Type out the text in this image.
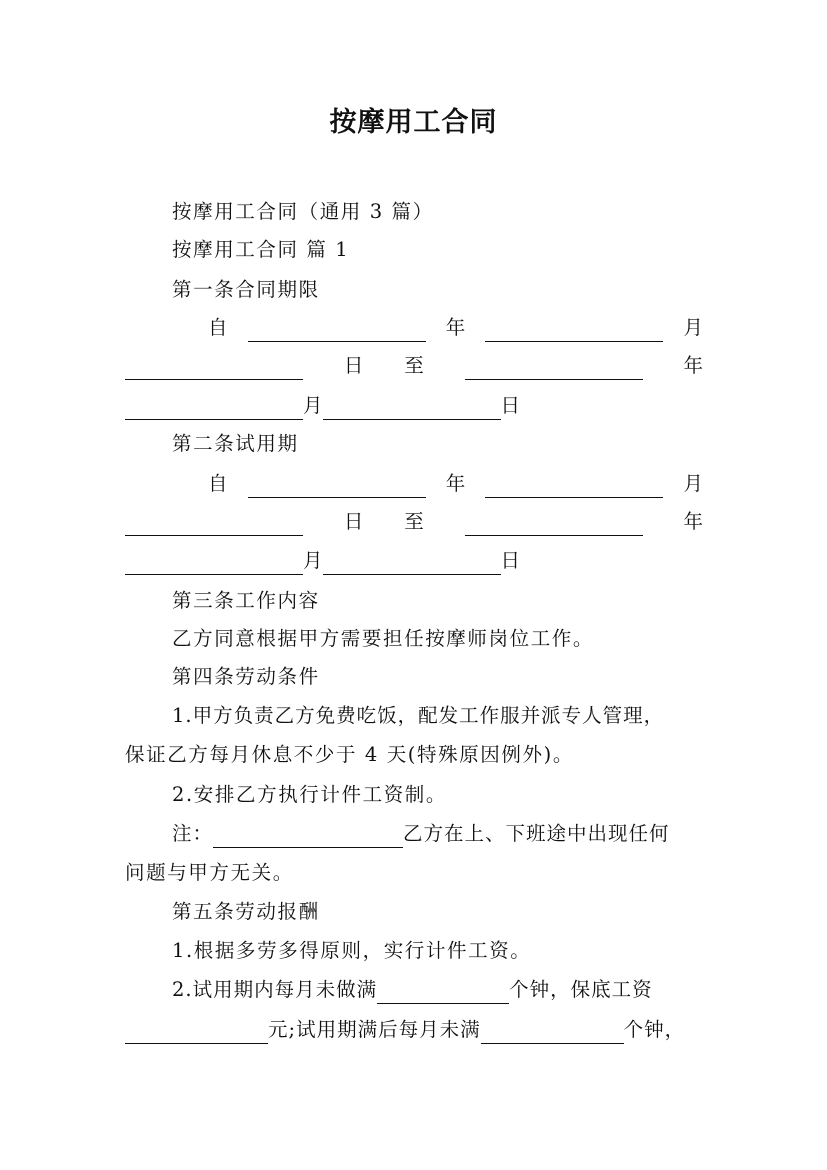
按摩用工合同
按摩用工合同（通用 3 篇）
按摩用工合同 篇 1
第一条合同期限
自	年	月
日 至	年
月	日
第二条试用期
自	年	月
日 至	年
月	日
第三条工作内容
乙方同意根据甲方需要担任按摩师岗位工作。
第四条劳动条件
1.甲方负责乙方免费吃饭，配发工作服并派专人管理，
保证乙方每月休息不少于 4 天(特殊原因例外)。
2.安排乙方执行计件工资制。
注：	乙方在上、下班途中出现任何
问题与甲方无关。
第五条劳动报酬
1.根据多劳多得原则，实行计件工资。
2.试用期内每月未做满	个钟，保底工资
元;试用期满后每月未满	个钟，
